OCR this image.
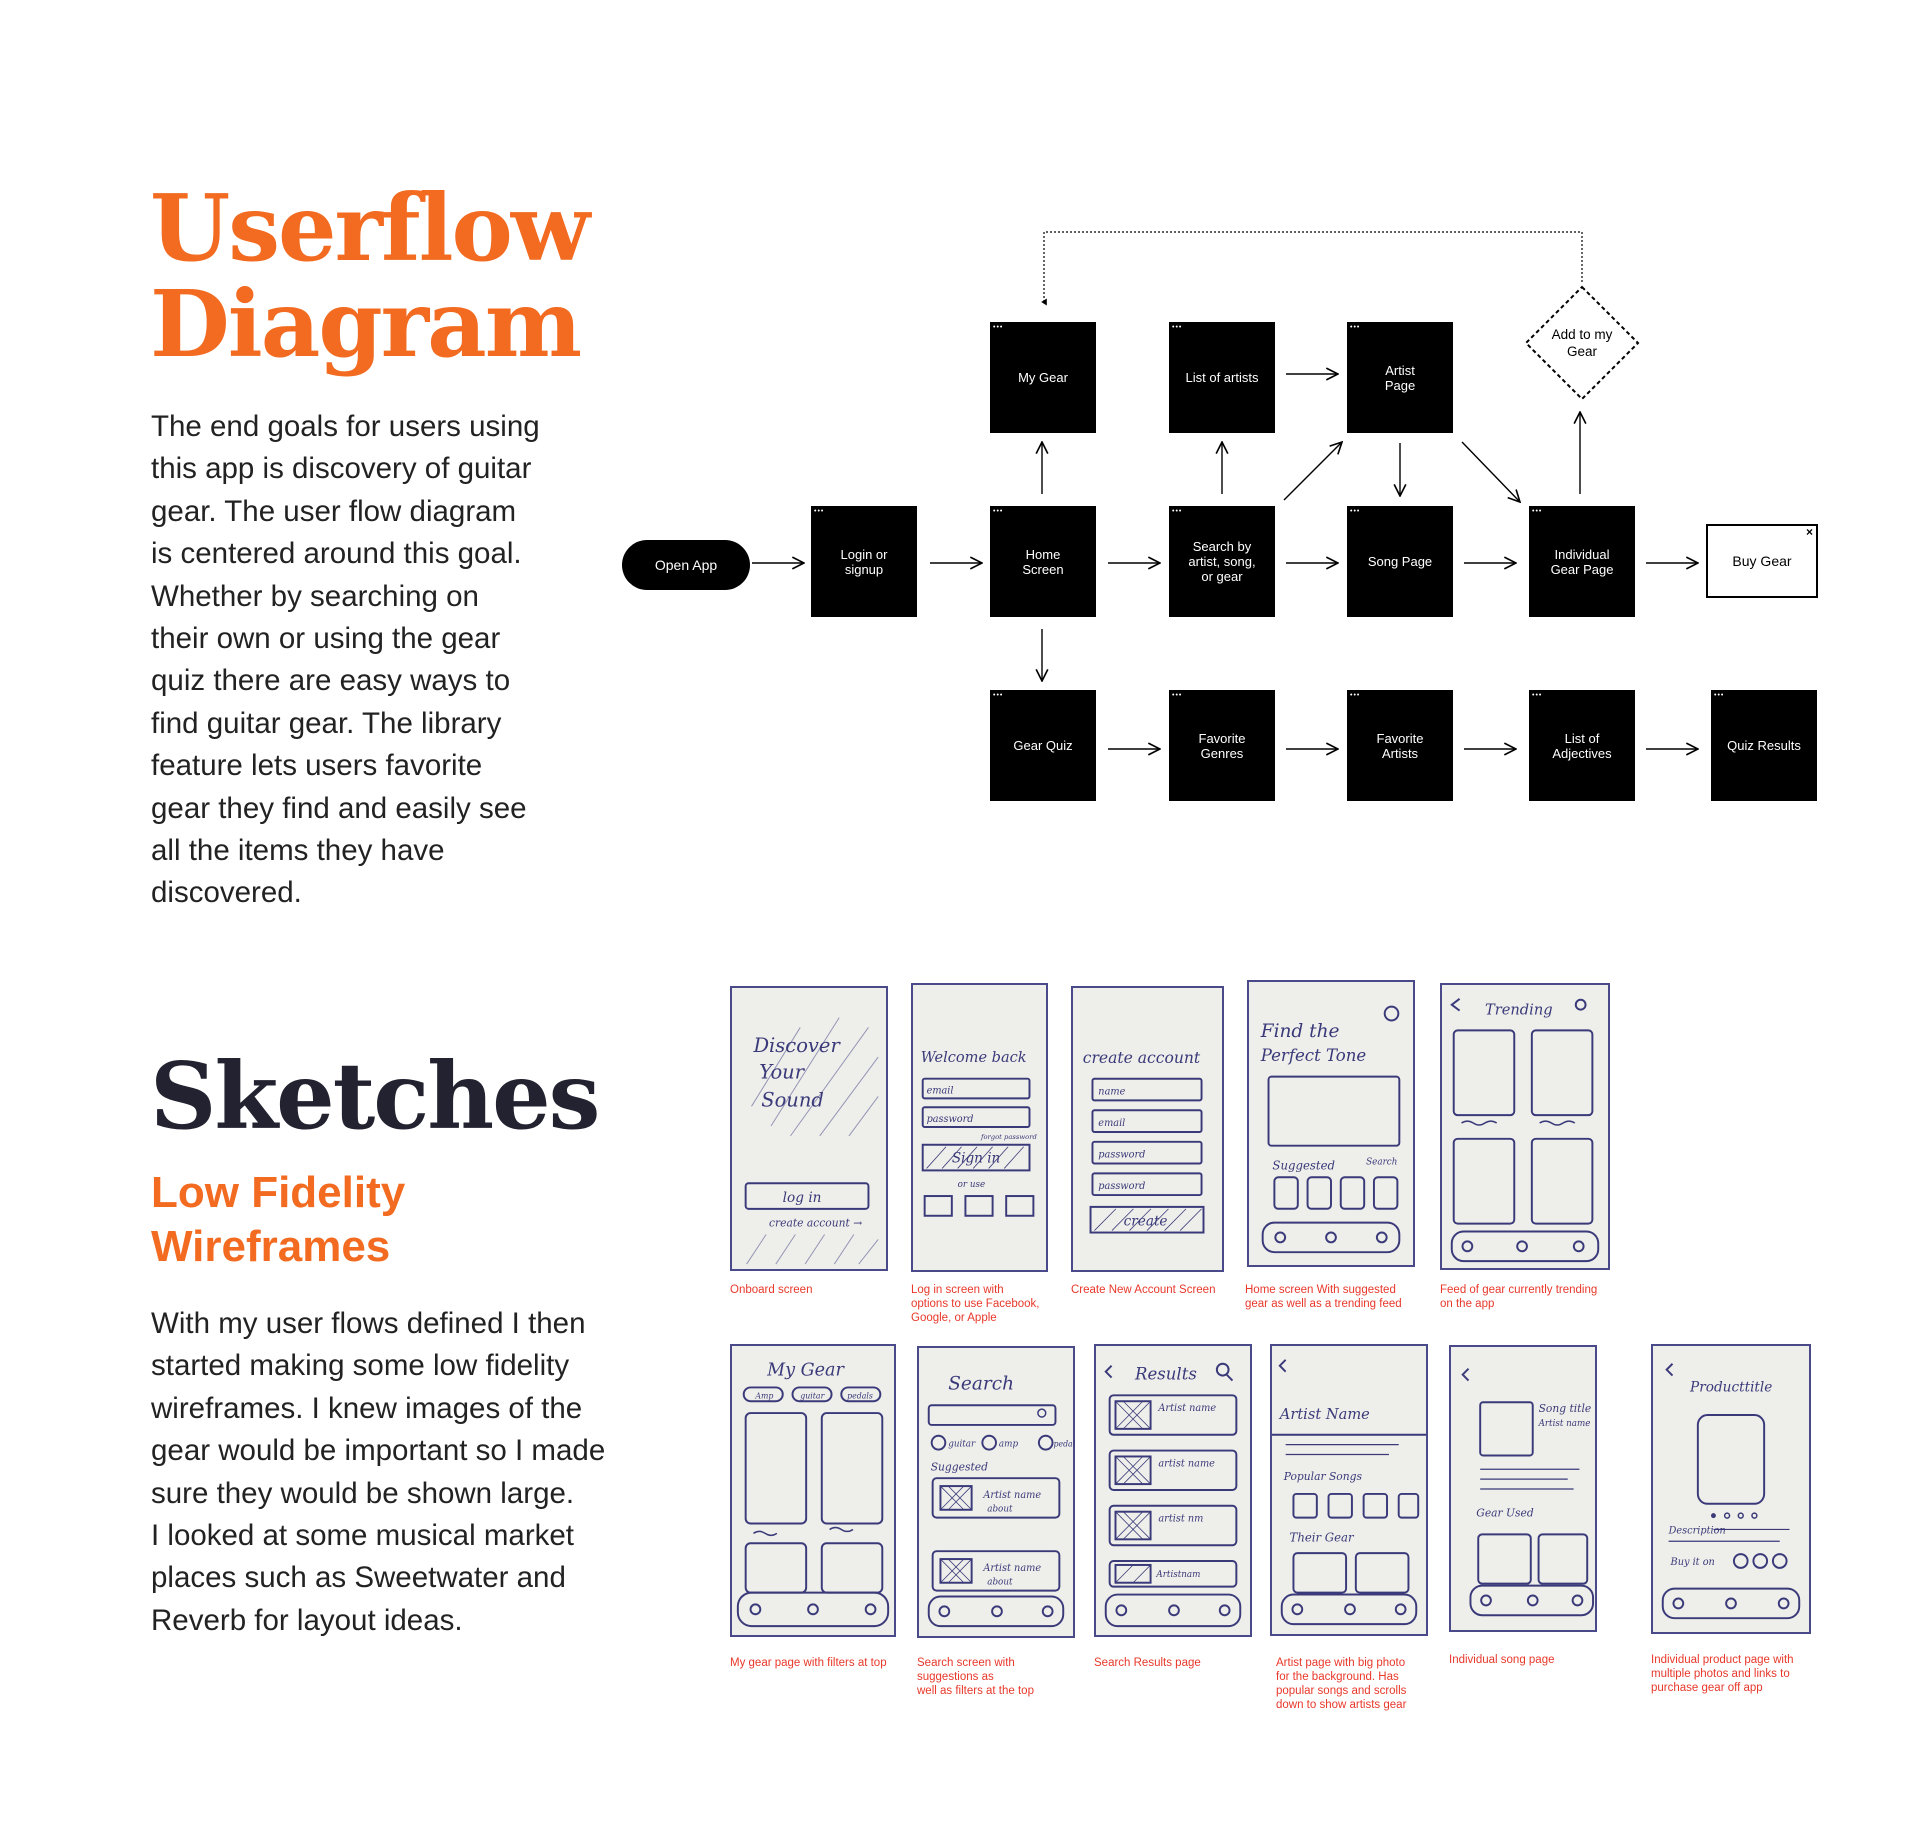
Userflow
Diagram
The end goals for users using
this app is discovery of guitar
gear. The user flow diagram
is centered around this goal.
Whether by searching on
their own or using the gear
quiz there are easy ways to
find guitar gear. The library
feature lets users favorite
gear they find and easily see
all the items they have
discovered.
Open App
•••
Login or
signup
•••
Home
Screen
•••
Search by
artist, song,
or gear
•••
Song Page
•••
Individual
Gear Page
×
Buy Gear
•••
My Gear
•••
List of artists
•••
Artist
Page
Add to my
Gear
•••
Gear Quiz
•••
Favorite
Genres
•••
Favorite
Artists
•••
List of
Adjectives
•••
Quiz Results
Sketches
Low Fidelity
Wireframes
With my user flows defined I then
started making some low fidelity
wireframes. I knew images of the
gear would be important so I made
sure they would be shown large.
I looked at some musical market
places such as Sweetwater and
Reverb for layout ideas.
Discover
Your
Sound
log in
create account →
Welcome back
email
password
forgot password
Sign in
or use
create account
name
email
password
password
create
Find the
Perfect Tone
Suggested	Search
Trending
Onboard screen	Log in screen with
options to use Facebook,
Google, or Apple
Create New Account Screen	Home screen With suggested
gear as well as a trending feed
Feed of gear currently trending
on the app
My Gear
Amp	guitar	pedals
Search
guitar	amp	pedal
Suggested
Artist name
about
Artist name
about
Results
Artist name
artist name
artist nm
Artistnam
Artist Name
Popular Songs
Their Gear
Song title
Artist name
Gear Used
Producttitle
Description
Buy it on
My gear page with filters at top	Search screen with
suggestions as
well as filters at the top
Search Results page	Artist page with big photo
for the background. Has
popular songs and scrolls
down to show artists gear
Individual song page	Individual product page with
multiple photos and links to
purchase gear off app
